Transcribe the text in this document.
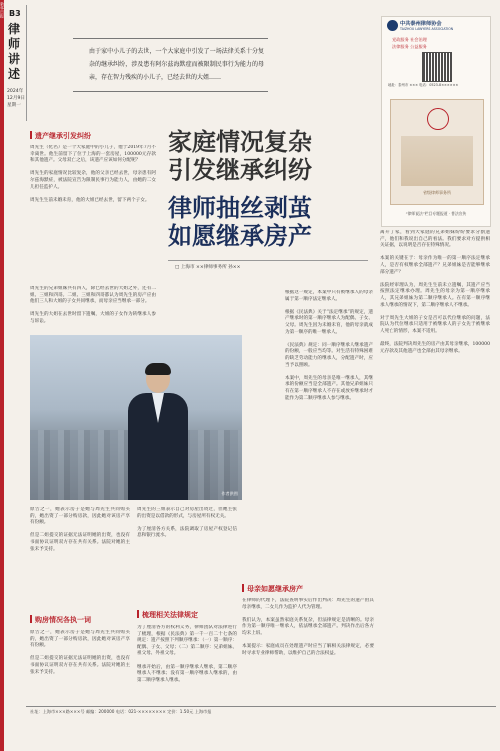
新华日报 B3
律
师
讲
述
2024年
12月9日
星期一
由于家中小儿子的去世，一个大家庭中引发了一场法律关系十分复杂的继承纠纷，涉及患有阿尔兹海默症而被限制民事行为能力的母亲，存在智力残疾的小儿子，已经去世的大姐……
中共泰州律师协会
TAIZHOU LAWYERS ASSOCIATION
党政服务 社会治理
法律服务 公益服务
地址：泰州市 ××× 电话：0523-8××××××
省级律师事务所
“律师说法”栏目专题报道 · 普法宣传
家庭情况复杂
引发继承纠纷
律师抽丝剥茧
如愿继承房产
□ 上海市 ××律师事务所 孙××
遗产继承引发纠纷
周先生（化名）是一个大家庭中的小儿子，他于2019年7月不幸离世。他生前留下了位于上海的一套房屋，100000元存款和其他遗产。父母双亡之后，该遗产应该如何分配呢？

周先生的家庭情况比较复杂，他的父亲已经去世，母亲患有阿尔兹海默症，被法院宣告为限制民事行为能力人，由她的二女儿担任监护人。

周先生生前未婚未育，他的大姐已经去世，留下两个子女。
周先生的兄弟姐妹共有四人，除已经去世的大姐之外，还有二姐、三姐和四哥。二姐、三姐和四哥都认为周先生的房产应由他们三人和大姐的子女共同继承，而母亲应当继承一部分。

周先生的大姐在去世时留下遗嘱，大姐的子女作为转继承人参与诉讼。
作者供图
根据这一规定，本案中只有被继承人的母亲属于第一顺序法定继承人。

根据《民法典》关于“法定继承”的规定，遗产继承时的第一顺序继承人为配偶、子女、父母。周先生因为未婚未育，他的母亲就成为第一顺序的唯一继承人。

《民法典》规定：同一顺序继承人继承遗产的份额，一般应当均等。对生活有特殊困难的缺乏劳动能力的继承人，分配遗产时，应当予以照顾。

本案中，周先生的母亲是唯一继承人，其继承的份额应当是全部遗产。其他兄弟姐妹只有在第一顺序继承人不存在或放弃继承时才能作为第二顺序继承人参与继承。
离开了家，看到大家庭的兄弟姐妹纷纷要求分割遗产，他们和我说出自己的看法。我们要求对方提供相关证据，以说明是否存在特殊情况。

本案的关键在于：母亲作为唯一的第一顺序法定继承人，是否有权继承全部遗产？兄弟姐妹是否能够继承部分遗产？

法院经审理认为，周先生生前未立遗嘱，其遗产应当按照法定继承办理。周先生的母亲为第一顺序继承人，其兄弟姐妹为第二顺序继承人。在有第一顺序继承人继承的情况下，第二顺序继承人不继承。

对于周先生大姐的子女是否可以代位继承的问题，法院认为代位继承只适用于被继承人的子女先于被继承人死亡的情形，本案不适用。

最终，法院判决周先生的房产由其母亲继承，100000元存款及其他遗产也全部由其母亲继承。
原告之一，她表示房子是她与周先生共同购买的，她出资了一部分购房款，因此她对该房产享有份额。

但是二姐提交的证据无法证明她的出资，也没有书面协议证明双方存在共有关系。法院对她的主张未予支持。
周先生的三姐表示自己对房屋出资过，但她主张的出资是以借款的形式，与房屋所有权无关。

为了厘清各方关系，法院调取了房屋产权登记信息和银行流水。
购房情况各执一词
原告之一，她表示房子是她与周先生共同购买的，她出资了一部分购房款，因此她对该房产享有份额。

但是二姐提交的证据无法证明她的出资，也没有书面协议证明双方存在共有关系。法院对她的主张未予支持。
梳理相关法律规定
为了厘清各方的权利义务，律师团队对法律进行了梳理，根据《民法典》第一千一百二十七条的规定：遗产按照下列顺序继承：（一）第一顺序：配偶、子女、父母；（二）第二顺序：兄弟姐妹、祖父母、外祖父母。

继承开始后，由第一顺序继承人继承，第二顺序继承人不继承；没有第一顺序继承人继承的，由第二顺序继承人继承。
母亲如愿继承房产
在律师的代理下，法院查明事实后作出判决：周先生的遗产由其母亲继承，二女儿作为监护人代为管理。

我们认为，本案虽然家庭关系复杂，但法律规定是清晰的。母亲作为第一顺序唯一继承人，依法继承全部遗产。判决作出后各方均未上诉。

本案提示：家庭成员在处理遗产时应当了解相关法律规定，必要时寻求专业律师帮助，以维护自己的合法权益。
社址：上海市×××路×××号 邮编：200000 电话：021-×××××××× 定价：1.50元 上海市报
